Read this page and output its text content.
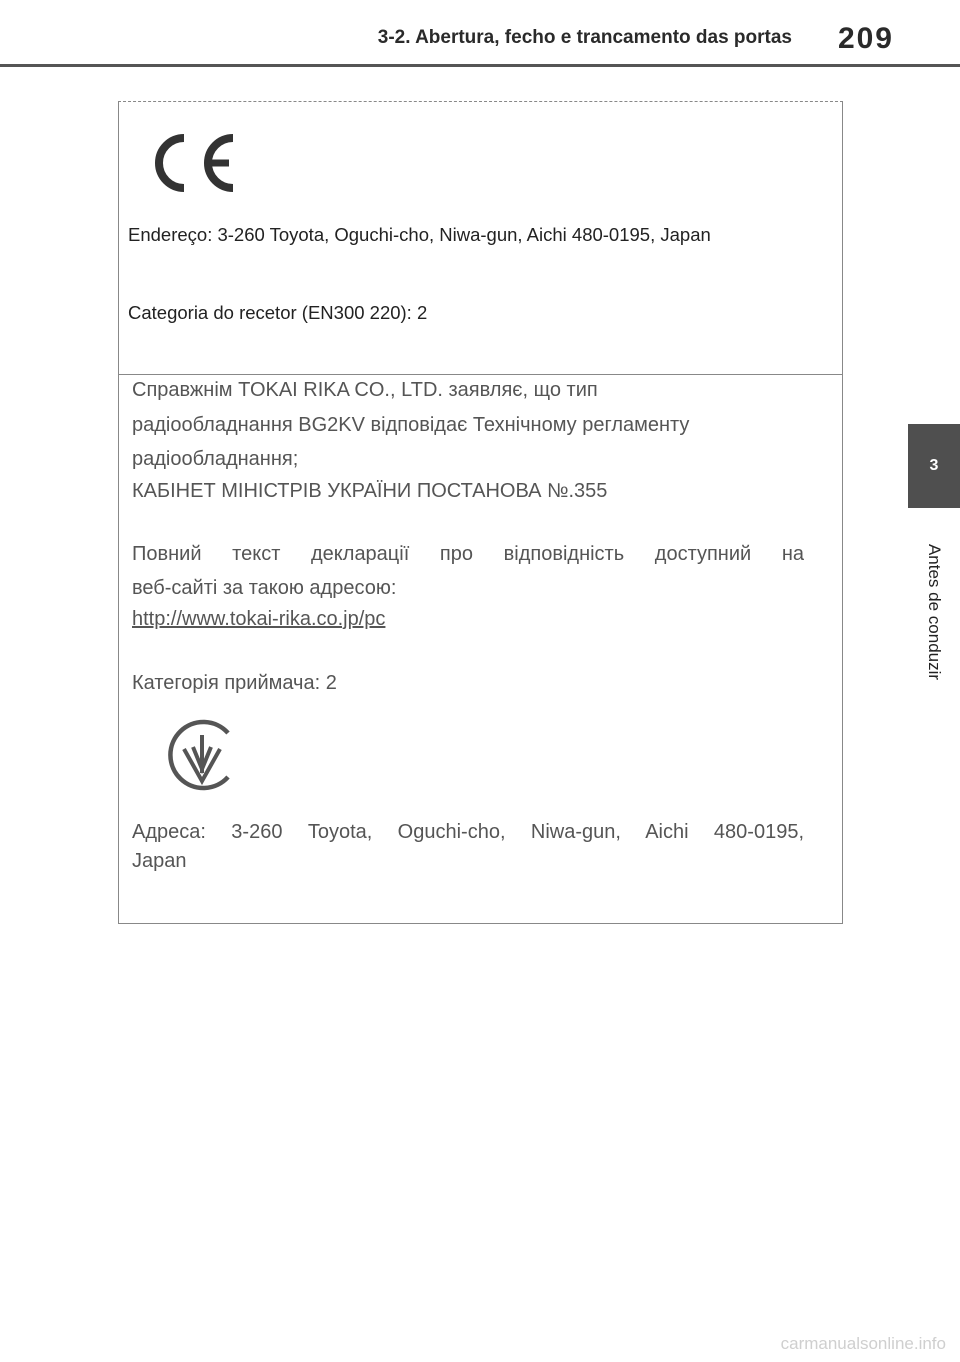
3-2. Abertura, fecho e trancamento das portas 209
3
Antes de conduzir
Endereço: 3-260 Toyota, Oguchi-cho, Niwa-gun, Aichi 480-0195, Japan
Categoria do recetor (EN300 220): 2
Справжнім TOKAI RIKA CO., LTD. заявляє, що тип
радіообладнання BG2KV відповідає Технічному регламенту
радіообладнання;
КАБІНЕТ МІНІСТРІВ УКРАЇНИ ПОСТАНОВА №.355
Повний текст декларації про відповідність доступний на
веб-сайті за такою адресою:
http://www.tokai-rika.co.jp/pc
Категорія приймача: 2
Адреса: 3-260 Toyota, Oguchi-cho, Niwa-gun, Aichi 480-0195,
Japan
carmanualsonline.info
